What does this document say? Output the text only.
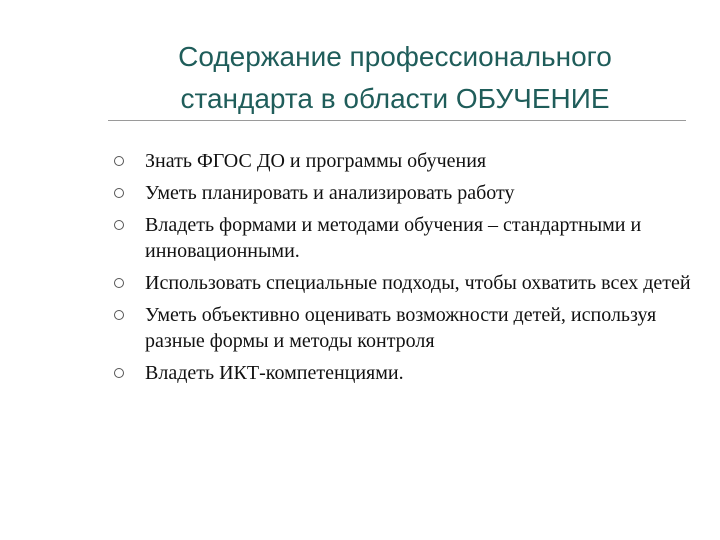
Содержание профессионального
стандарта в области ОБУЧЕНИЕ
Знать ФГОС ДО и программы обучения
Уметь планировать и анализировать работу
Владеть формами и методами обучения – стандартными и инновационными.
Использовать специальные подходы, чтобы охватить всех детей
Уметь объективно оценивать возможности детей, используя разные формы и методы контроля
Владеть ИКТ-компетенциями.
